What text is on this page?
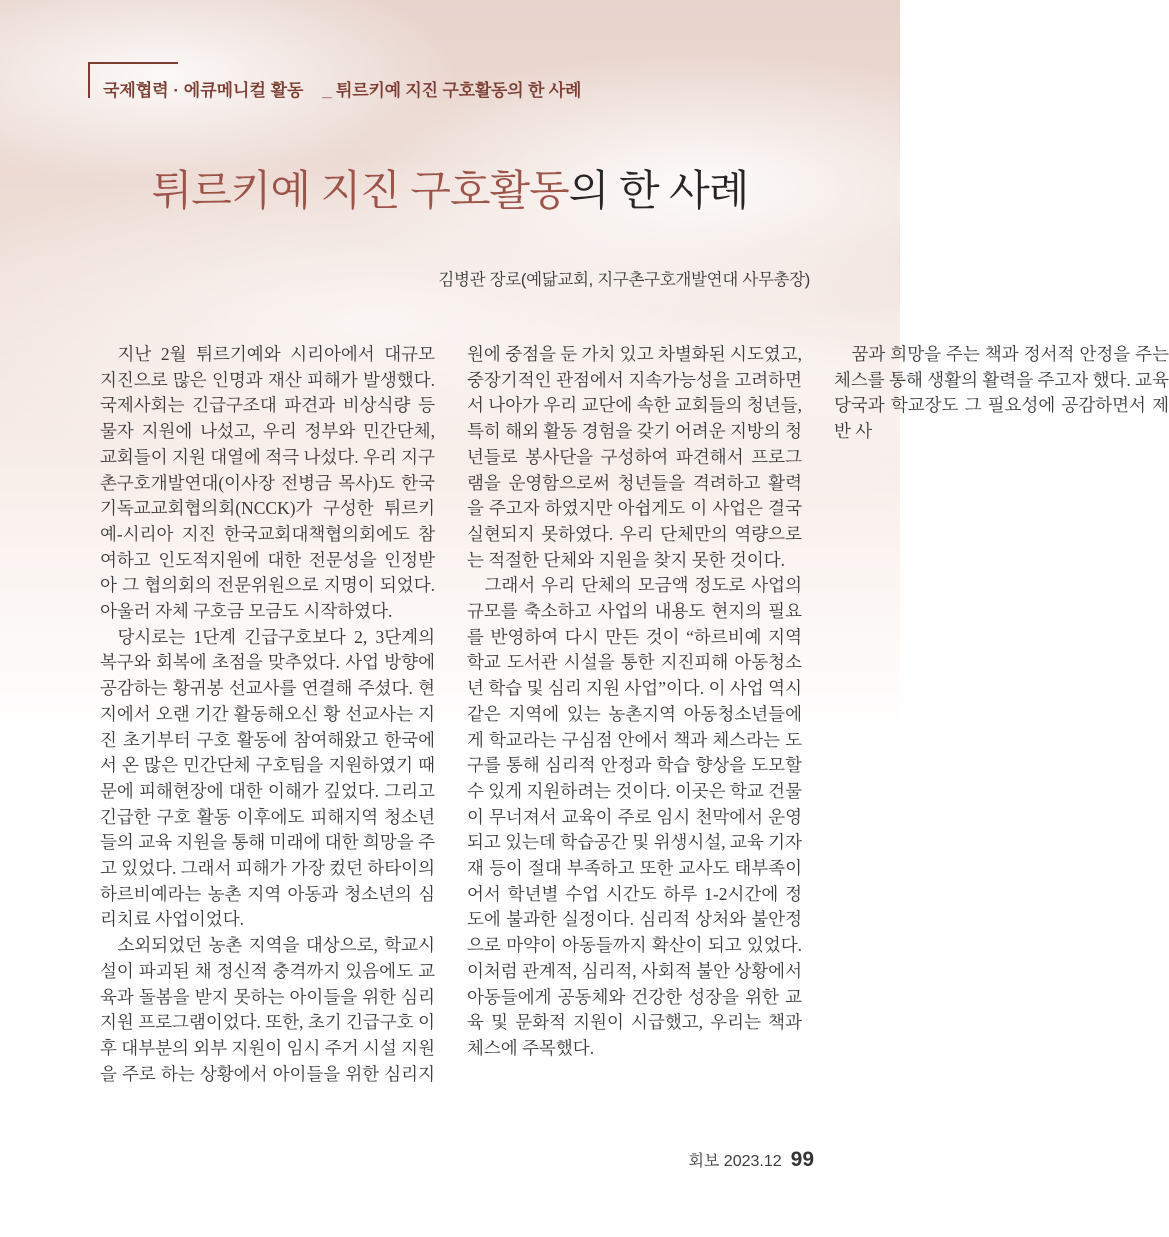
국제협력 · 에큐메니컬 활동 _ 튀르키예 지진 구호활동의 한 사례
튀르키예 지진 구호활동의 한 사례
김병관 장로(예닮교회, 지구촌구호개발연대 사무총장)

지난 2월 튀르기예와 시리아에서 대규모 지진으로 많은 인명과 재산 피해가 발생했다. 국제사회는 긴급구조대 파견과 비상식량 등 물자 지원에 나섰고, 우리 정부와 민간단체, 교회들이 지원 대열에 적극 나섰다. 우리 지구촌구호개발연대(이사장 전병금 목사)도 한국기독교교회협의회(NCCK)가 구성한 튀르키예-시리아 지진 한국교회대책협의회에도 참여하고 인도적지원에 대한 전문성을 인정받아 그 협의회의 전문위원으로 지명이 되었다. 아울러 자체 구호금 모금도 시작하였다.

당시로는 1단계 긴급구호보다 2, 3단계의 복구와 회복에 초점을 맞추었다. 사업 방향에 공감하는 황귀봉 선교사를 연결해 주셨다. 현지에서 오랜 기간 활동해오신 황 선교사는 지진 초기부터 구호 활동에 참여해왔고 한국에서 온 많은 민간단체 구호팀을 지원하였기 때문에 피해현장에 대한 이해가 깊었다. 그리고 긴급한 구호 활동 이후에도 피해지역 청소년들의 교육 지원을 통해 미래에 대한 희망을 주고 있었다. 그래서 피해가 가장 컸던 하타이의 하르비예라는 농촌 지역 아동과 청소년의 심리치료 사업이었다.

소외되었던 농촌 지역을 대상으로, 학교시설이 파괴된 채 정신적 충격까지 있음에도 교육과 돌봄을 받지 못하는 아이들을 위한 심리지원 프로그램이었다. 또한, 초기 긴급구호 이후 대부분의 외부 지원이 임시 주거 시설 지원을 주로 하는 상황에서 아이들을 위한 심리지원에 중점을 둔 가치 있고 차별화된 시도였고, 중장기적인 관점에서 지속가능성을 고려하면서 나아가 우리 교단에 속한 교회들의 청년들, 특히 해외 활동 경험을 갖기 어려운 지방의 청년들로 봉사단을 구성하여 파견해서 프로그램을 운영함으로써 청년들을 격려하고 활력을 주고자 하였지만 아쉽게도 이 사업은 결국 실현되지 못하였다. 우리 단체만의 역량으로는 적절한 단체와 지원을 찾지 못한 것이다.

그래서 우리 단체의 모금액 정도로 사업의 규모를 축소하고 사업의 내용도 현지의 필요를 반영하여 다시 만든 것이 “하르비예 지역 학교 도서관 시설을 통한 지진피해 아동청소년 학습 및 심리 지원 사업”이다. 이 사업 역시 같은 지역에 있는 농촌지역 아동청소년들에게 학교라는 구심점 안에서 책과 체스라는 도구를 통해 심리적 안정과 학습 향상을 도모할 수 있게 지원하려는 것이다. 이곳은 학교 건물이 무너져서 교육이 주로 임시 천막에서 운영되고 있는데 학습공간 및 위생시설, 교육 기자재 등이 절대 부족하고 또한 교사도 태부족이어서 학년별 수업 시간도 하루 1-2시간에 정도에 불과한 실정이다. 심리적 상처와 불안정으로 마약이 아동들까지 확산이 되고 있었다. 이처럼 관계적, 심리적, 사회적 불안 상황에서 아동들에게 공동체와 건강한 성장을 위한 교육 및 문화적 지원이 시급했고, 우리는 책과 체스에 주목했다.

꿈과 희망을 주는 책과 정서적 안정을 주는 체스를 통해 생활의 활력을 주고자 했다. 교육 당국과 학교장도 그 필요성에 공감하면서 제반 사

회보 2023.12 99
